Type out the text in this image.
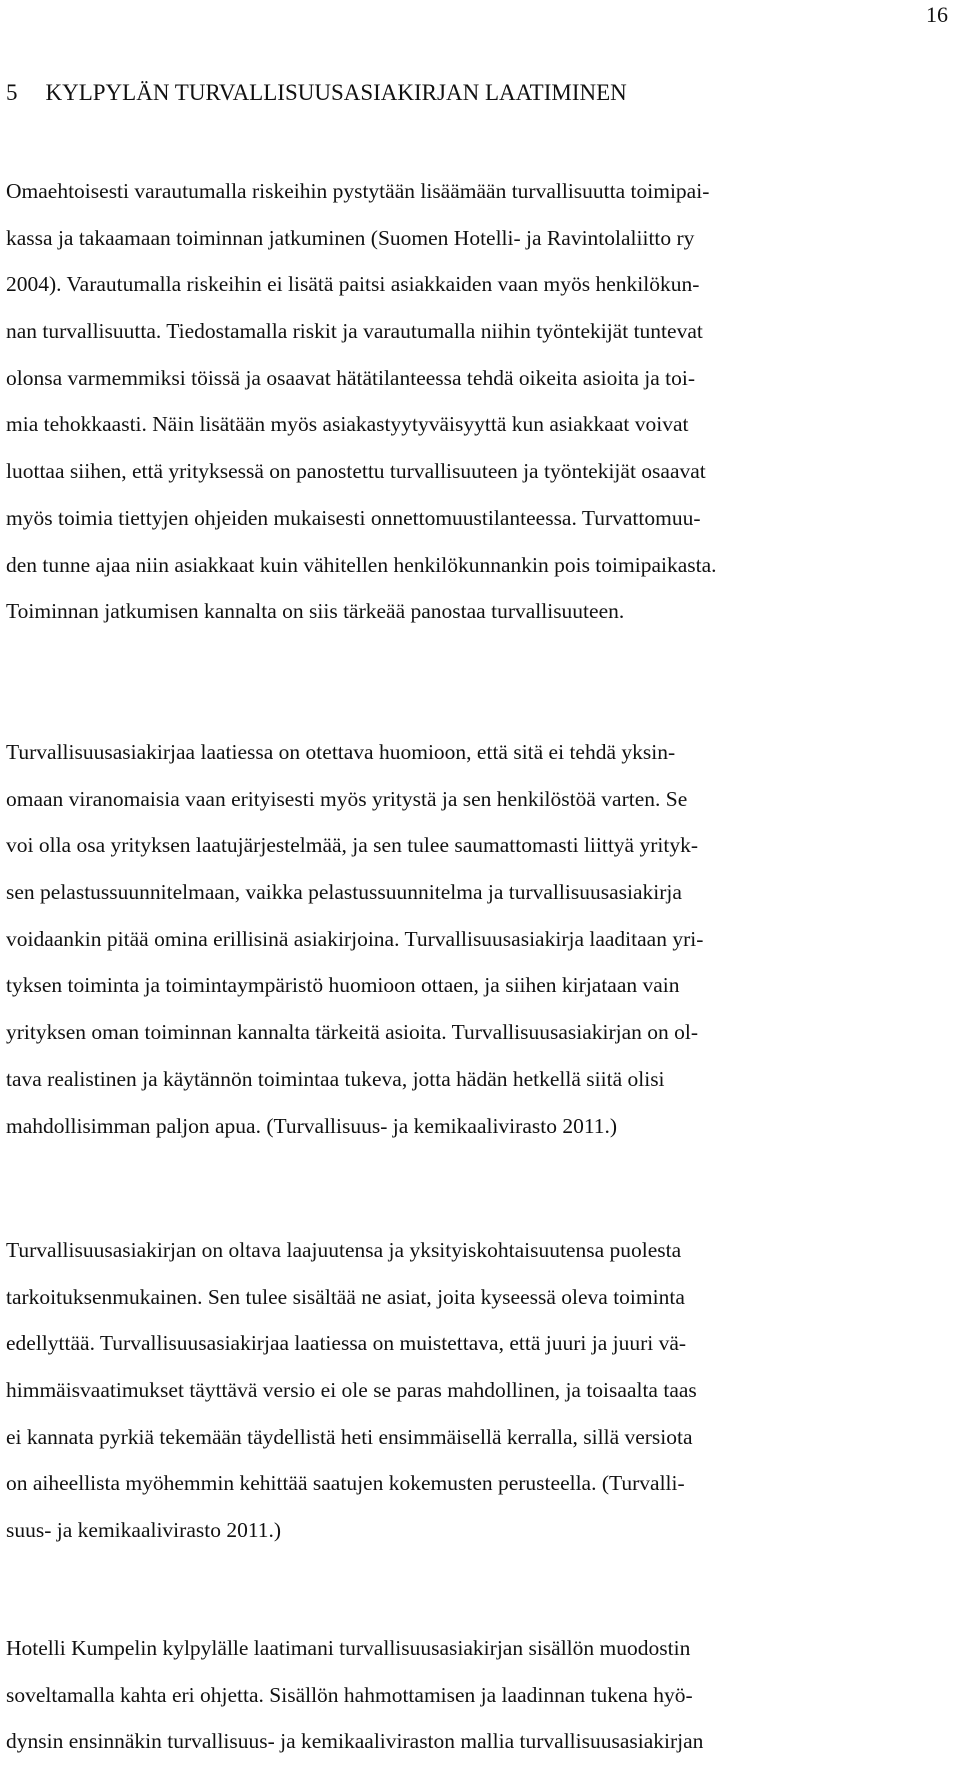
16
5 KYLPYLÄN TURVALLISUUSASIAKIRJAN LAATIMINEN
Omaehtoisesti varautumalla riskeihin pystytään lisäämään turvallisuutta toimipai-
kassa ja takaamaan toiminnan jatkuminen (Suomen Hotelli- ja Ravintolaliitto ry
2004). Varautumalla riskeihin ei lisätä paitsi asiakkaiden vaan myös henkilökun-
nan turvallisuutta. Tiedostamalla riskit ja varautumalla niihin työntekijät tuntevat
olonsa varmemmiksi töissä ja osaavat hätätilanteessa tehdä oikeita asioita ja toi-
mia tehokkaasti. Näin lisätään myös asiakastyytyväisyyttä kun asiakkaat voivat
luottaa siihen, että yrityksessä on panostettu turvallisuuteen ja työntekijät osaavat
myös toimia tiettyjen ohjeiden mukaisesti onnettomuustilanteessa. Turvattomuu-
den tunne ajaa niin asiakkaat kuin vähitellen henkilökunnankin pois toimipaikasta.
Toiminnan jatkumisen kannalta on siis tärkeää panostaa turvallisuuteen.
Turvallisuusasiakirjaa laatiessa on otettava huomioon, että sitä ei tehdä yksin-
omaan viranomaisia vaan erityisesti myös yritystä ja sen henkilöstöä varten. Se
voi olla osa yrityksen laatujärjestelmää, ja sen tulee saumattomasti liittyä yrityk-
sen pelastussuunnitelmaan, vaikka pelastussuunnitelma ja turvallisuusasiakirja
voidaankin pitää omina erillisinä asiakirjoina. Turvallisuusasiakirja laaditaan yri-
tyksen toiminta ja toimintaympäristö huomioon ottaen, ja siihen kirjataan vain
yrityksen oman toiminnan kannalta tärkeitä asioita. Turvallisuusasiakirjan on ol-
tava realistinen ja käytännön toimintaa tukeva, jotta hädän hetkellä siitä olisi
mahdollisimman paljon apua. (Turvallisuus- ja kemikaalivirasto 2011.)
Turvallisuusasiakirjan on oltava laajuutensa ja yksityiskohtaisuutensa puolesta
tarkoituksenmukainen. Sen tulee sisältää ne asiat, joita kyseessä oleva toiminta
edellyttää. Turvallisuusasiakirjaa laatiessa on muistettava, että juuri ja juuri vä-
himmäisvaatimukset täyttävä versio ei ole se paras mahdollinen, ja toisaalta taas
ei kannata pyrkiä tekemään täydellistä heti ensimmäisellä kerralla, sillä versiota
on aiheellista myöhemmin kehittää saatujen kokemusten perusteella. (Turvalli-
suus- ja kemikaalivirasto 2011.)
Hotelli Kumpelin kylpylälle laatimani turvallisuusasiakirjan sisällön muodostin
soveltamalla kahta eri ohjetta. Sisällön hahmottamisen ja laadinnan tukena hyö-
dynsin ensinnäkin turvallisuus- ja kemikaaliviraston mallia turvallisuusasiakirjan
